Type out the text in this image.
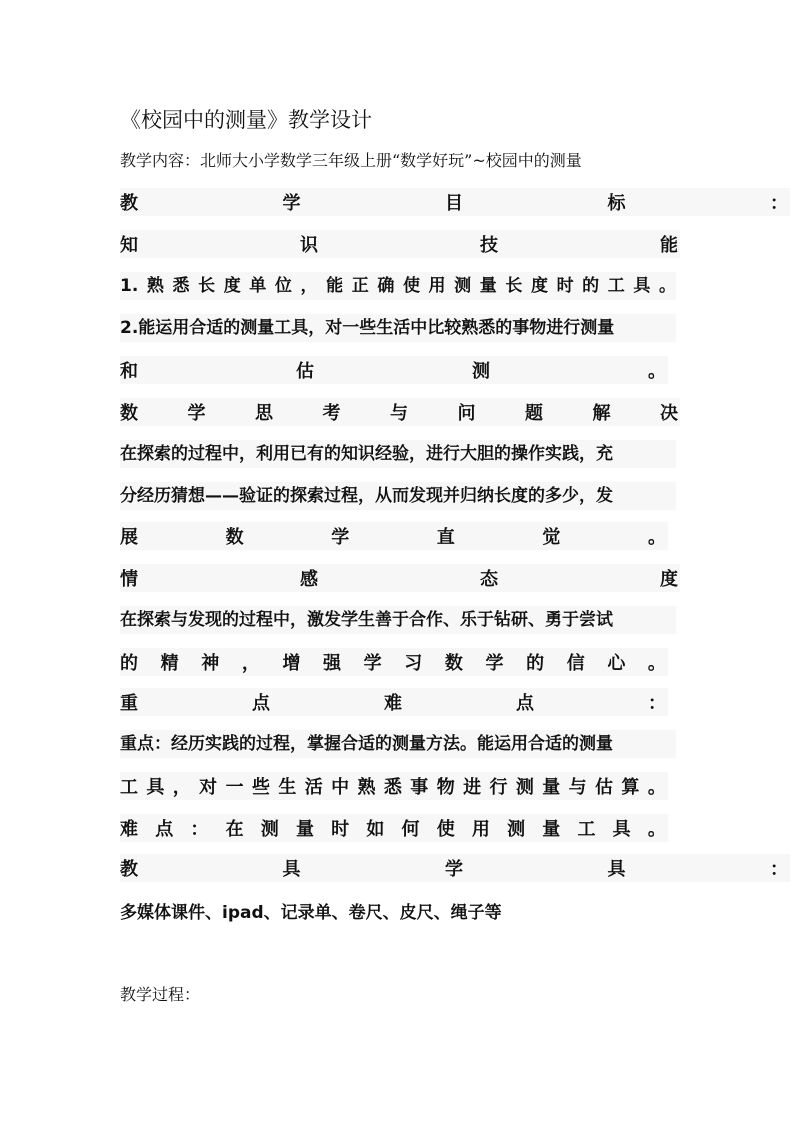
《校园中的测量》教学设计
教学内容：北师大小学数学三年级上册“数学好玩”~校园中的测量
教	学	目	标	：
知	识	技	能
1.熟悉长度单位，能正确使用测量长度时的工具。
2.能运用合适的测量工具，对一些生活中比较熟悉的事物进行测量
和	估	测	。
数	学	思	考	与	问	题	解	决
在探索的过程中，利用已有的知识经验，进行大胆的操作实践，充
分经历猜想——验证的探索过程，从而发现并归纳长度的多少，发
展	数	学	直	觉	。
情	感	态	度
在探索与发现的过程中，激发学生善于合作、乐于钻研、勇于尝试
的 精 神 ， 增 强 学 习 数 学 的 信 心 。
重	点	难	点	：
重点：经历实践的过程，掌握合适的测量方法。能运用合适的测量
工 具 ， 对 一 些 生 活 中 熟 悉 事 物 进 行 测 量 与 估 算 。
难 点 ： 在 测 量 时 如 何 使 用 测 量 工 具 。
教	具	学	具	：
多媒体课件、ipad、记录单、卷尺、皮尺、绳子等
教学过程：
